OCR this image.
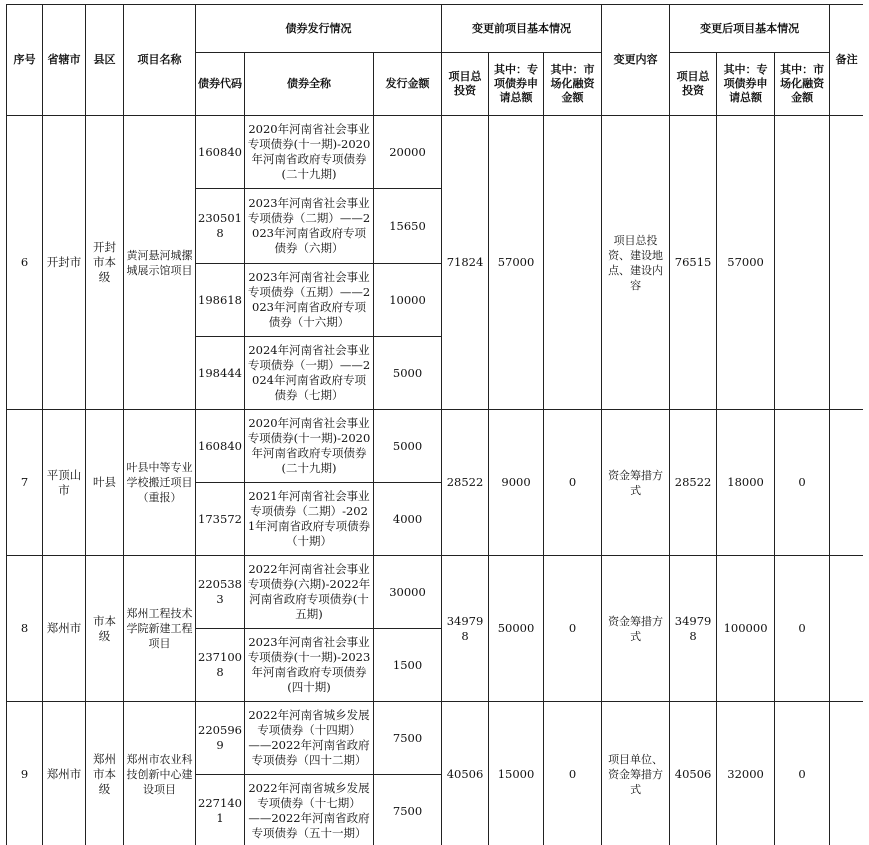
序号	省辖市	县区	项目名称	债券发行情况			变更前项目基本情况			变更内容	变更后项目基本情况			备注
				债券代码	债券全称	发行金额	项目总投资	其中：专项债券申请总额	其中：市场化融资金额		项目总投资	其中：专项债券申请总额	其中：市场化融资金额	
6	开封市	开封市本级	黄河悬河城摞城展示馆项目	160840	2020年河南省社会事业专项债券(十一期)-2020年河南省政府专项债券(二十九期)	20000	71824	57000		项目总投资、建设地点、建设内容	76515	57000		
				2305018	2023年河南省社会事业专项债券（二期）——2023年河南省政府专项债券（六期）	15650								
				198618	2023年河南省社会事业专项债券（五期）——2023年河南省政府专项债券（十六期）	10000								
				198444	2024年河南省社会事业专项债券（一期）——2024年河南省政府专项债券（七期）	5000								
7	平顶山市	叶县	叶县中等专业学校搬迁项目（重报）	160840	2020年河南省社会事业专项债券(十一期)-2020年河南省政府专项债券(二十九期)	5000	28522	9000	0	资金筹措方式	28522	18000	0	
				173572	2021年河南省社会事业专项债券（二期）-2021年河南省政府专项债券（十期）	4000								
8	郑州市	市本级	郑州工程技术学院新建工程项目	2205383	2022年河南省社会事业专项债券(六期)-2022年河南省政府专项债券(十五期)	30000	349798	50000	0	资金筹措方式	349798	100000	0	
				2371008	2023年河南省社会事业专项债券(十一期)-2023年河南省政府专项债券(四十期)	1500								
9	郑州市	郑州市本级	郑州市农业科技创新中心建设项目	2205969	2022年河南省城乡发展专项债券（十四期）——2022年河南省政府专项债券（四十二期）	7500	40506	15000	0	项目单位、资金筹措方式	40506	32000	0	
				2271401	2022年河南省城乡发展专项债券（十七期）——2022年河南省政府专项债券（五十一期）	7500								
